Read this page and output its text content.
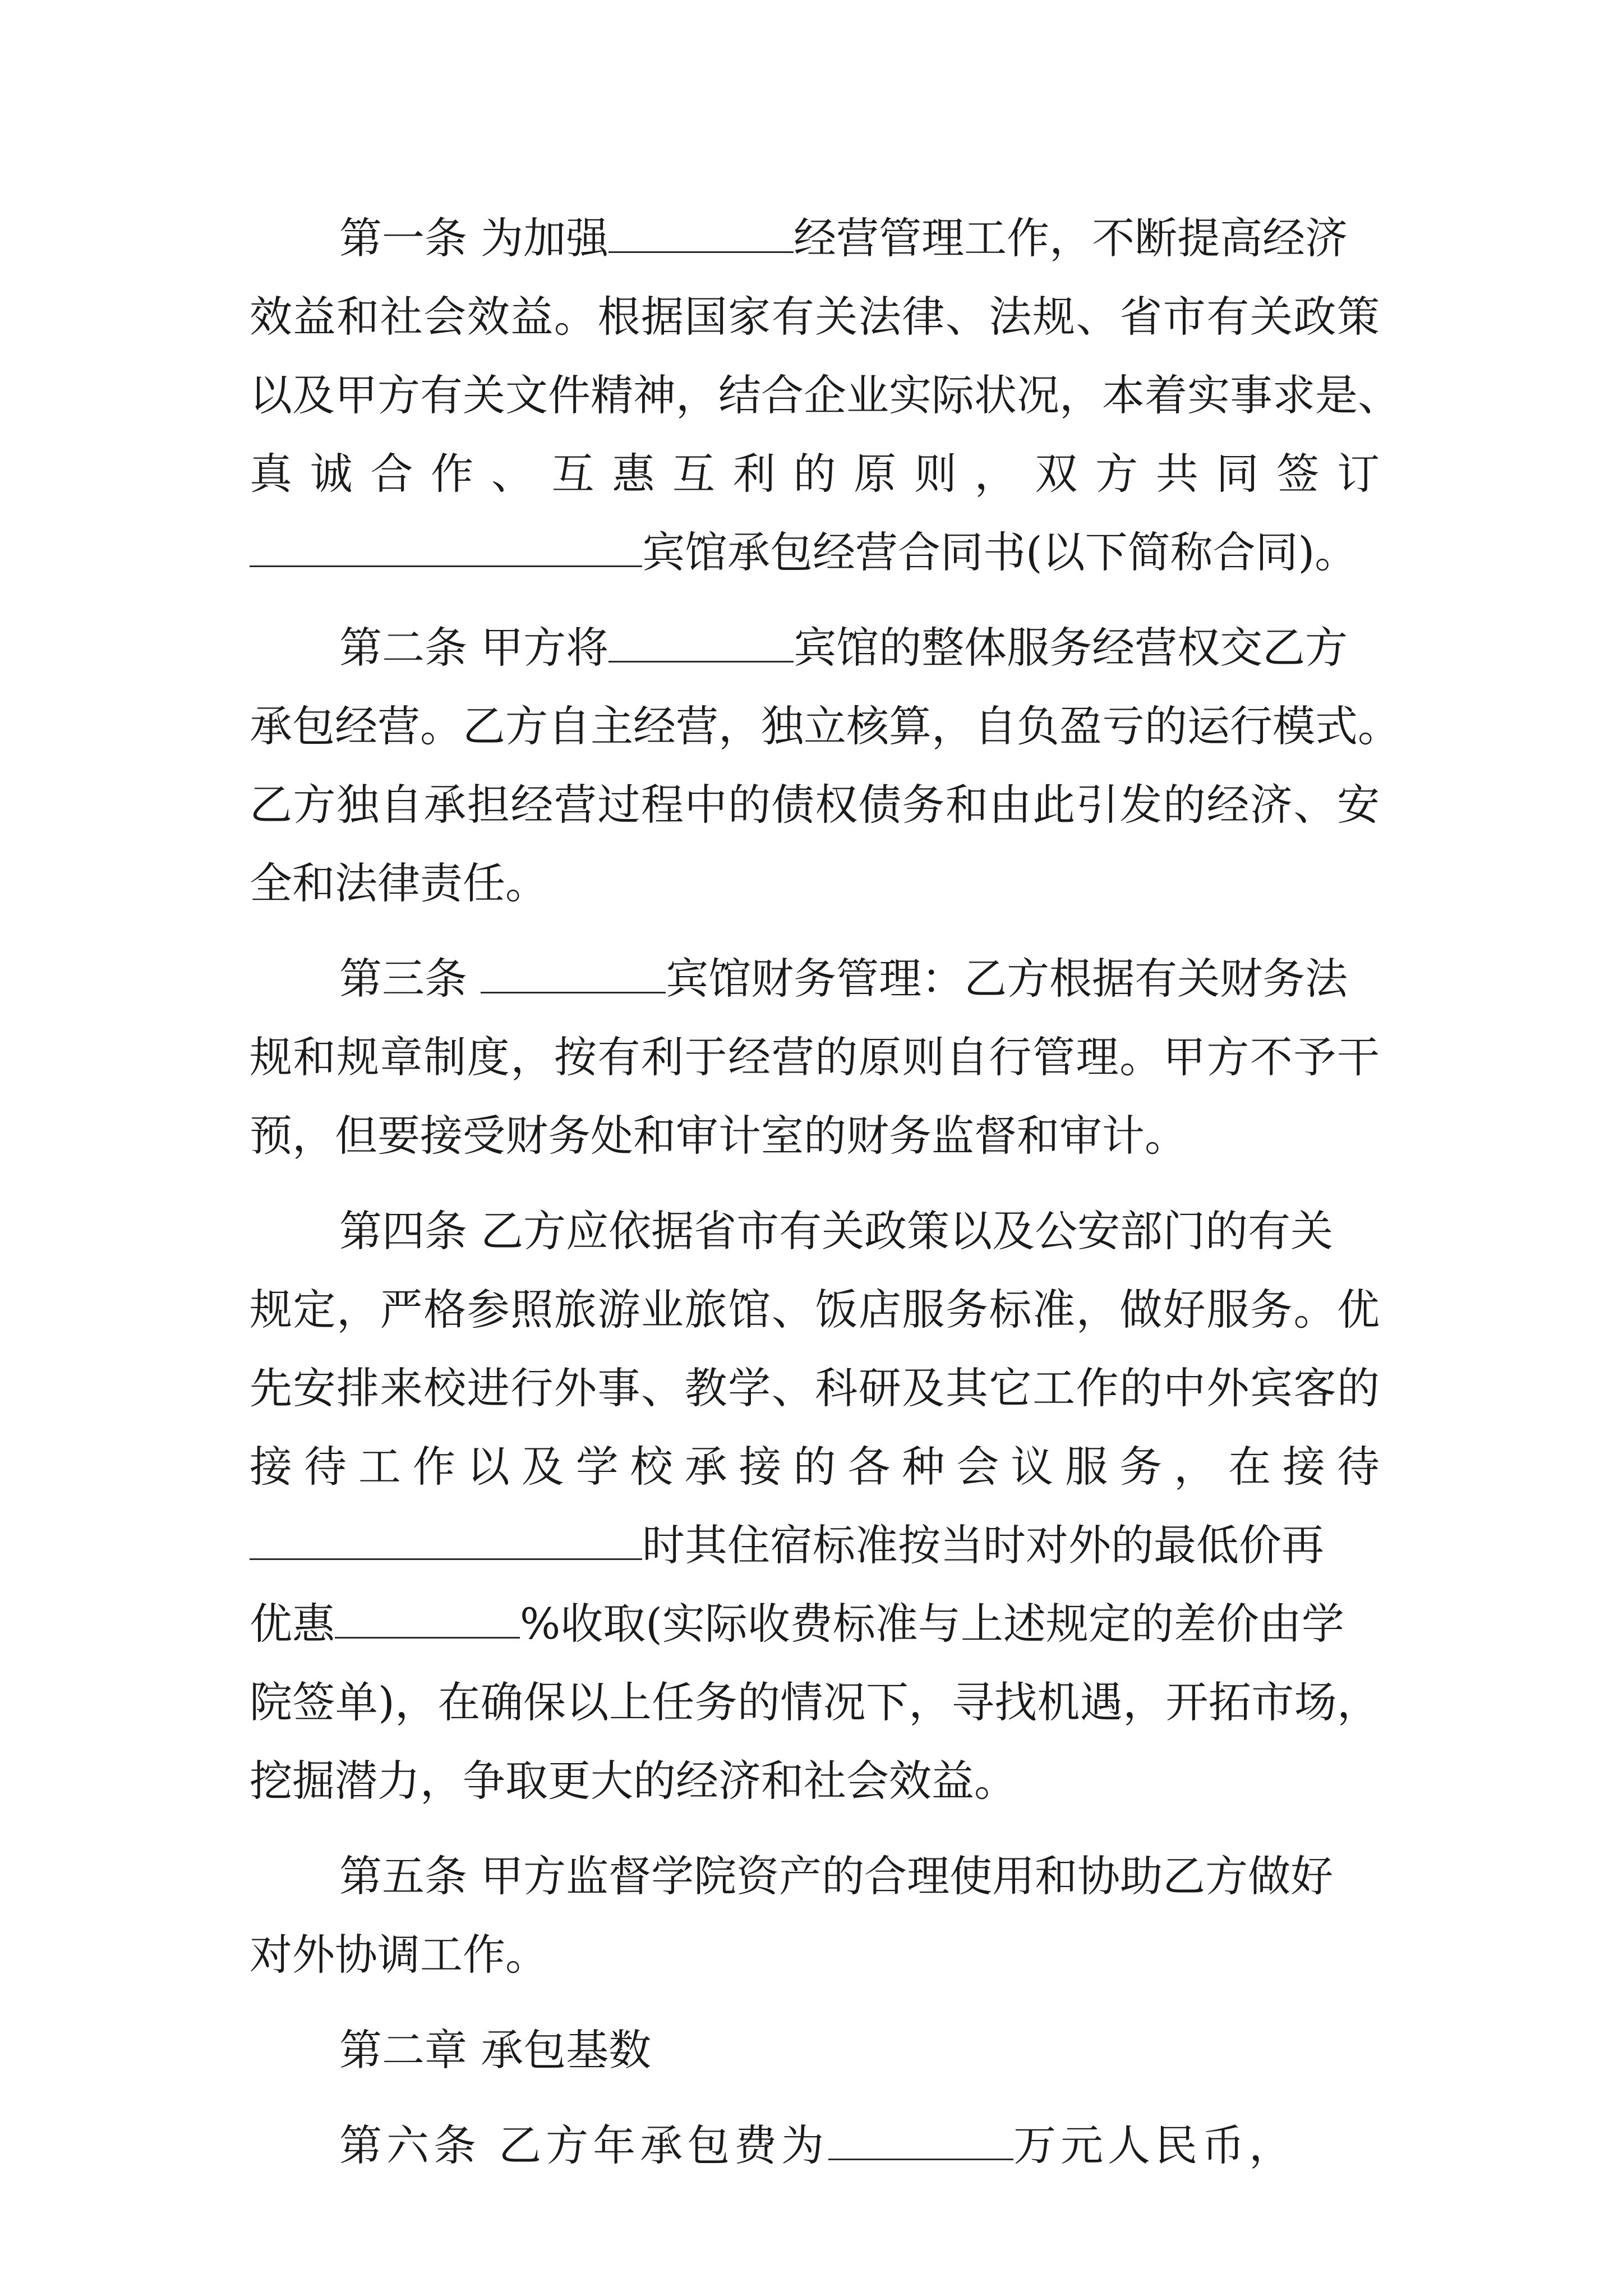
第一条 为加强	经营管理工作，不断提高经济
效益和社会效益。根据国家有关法律、法规、省市有关政策
以及甲方有关文件精神，结合企业实际状况，本着实事求是、
真诚合作、互惠互利的原则，双方共同签订
宾馆承包经营合同书(以下简称合同)。
第二条 甲方将	宾馆的整体服务经营权交乙方
承包经营。乙方自主经营，独立核算，自负盈亏的运行模式。
乙方独自承担经营过程中的债权债务和由此引发的经济、安
全和法律责任。
第三条	宾馆财务管理：乙方根据有关财务法
规和规章制度，按有利于经营的原则自行管理。甲方不予干
预，但要接受财务处和审计室的财务监督和审计。
第四条 乙方应依据省市有关政策以及公安部门的有关
规定，严格参照旅游业旅馆、饭店服务标准，做好服务。优
先安排来校进行外事、教学、科研及其它工作的中外宾客的
接待工作以及学校承接的各种会议服务，在接待
时其住宿标准按当时对外的最低价再
优惠	%收取(实际收费标准与上述规定的差价由学
院签单)，在确保以上任务的情况下，寻找机遇，开拓市场，
挖掘潜力，争取更大的经济和社会效益。
第五条 甲方监督学院资产的合理使用和协助乙方做好
对外协调工作。
第二章 承包基数
第六条 乙方年承包费为	万元人民币，
